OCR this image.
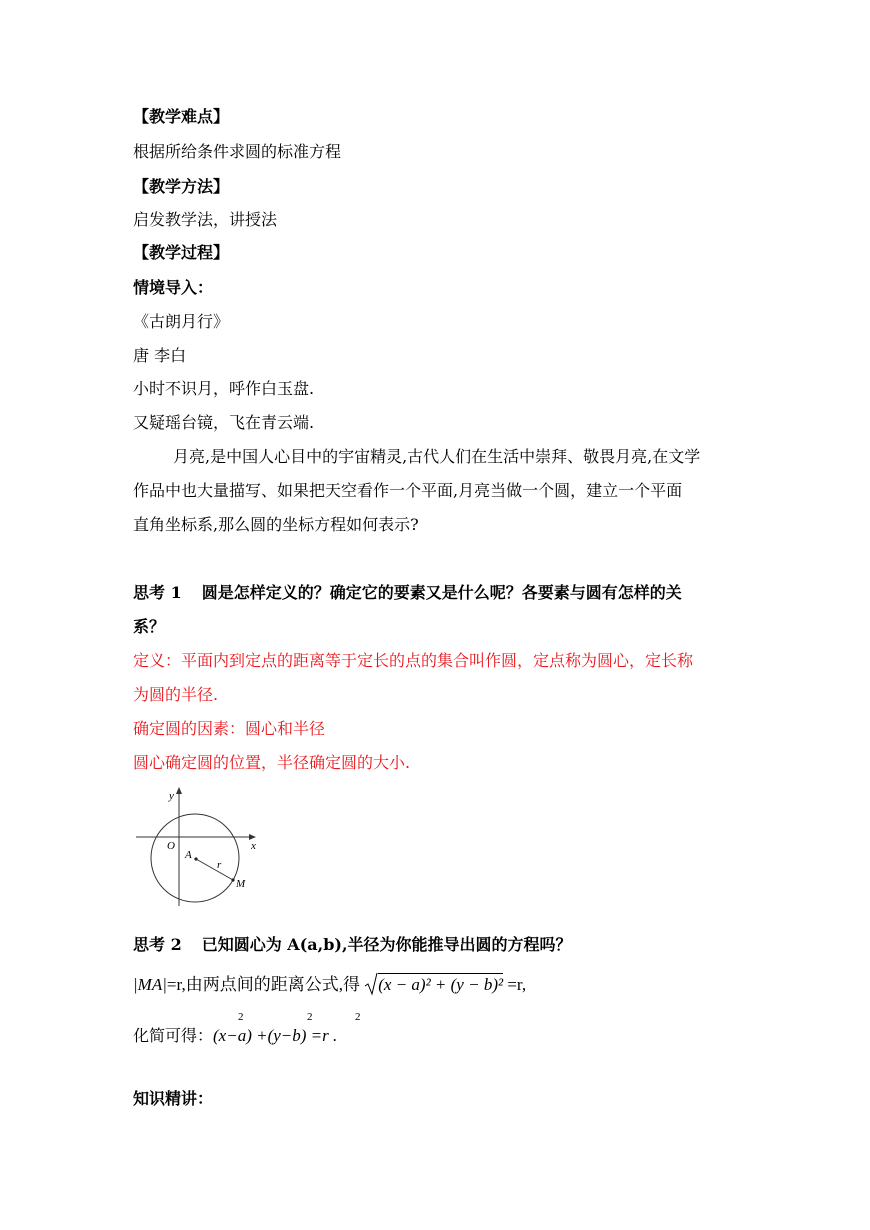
【教学难点】
根据所给条件求圆的标准方程
【教学方法】
启发教学法，讲授法
【教学过程】
情境导入：
《古朗月行》
唐 李白
小时不识月，呼作白玉盘.
又疑瑶台镜，飞在青云端.
月亮,是中国人心目中的宇宙精灵,古代人们在生活中崇拜、敬畏月亮,在文学
作品中也大量描写、如果把天空看作一个平面,月亮当做一个圆，建立一个平面
直角坐标系,那么圆的坐标方程如何表示?
思考 1 圆是怎样定义的？确定它的要素又是什么呢？各要素与圆有怎样的关
系？
定义：平面内到定点的距离等于定长的点的集合叫作圆，定点称为圆心，定长称
为圆的半径.
确定圆的因素：圆心和半径
圆心确定圆的位置，半径确定圆的大小.
y
x
O
A
r
M
思考 2 已知圆心为 A(a,b),半径为你能推导出圆的方程吗？
|MA|=r,由两点间的距离公式,得 (x − a)² + (y − b)² =r,
化简可得：(x−a) +(y−b) =r .
2	2	2
知识精讲：
